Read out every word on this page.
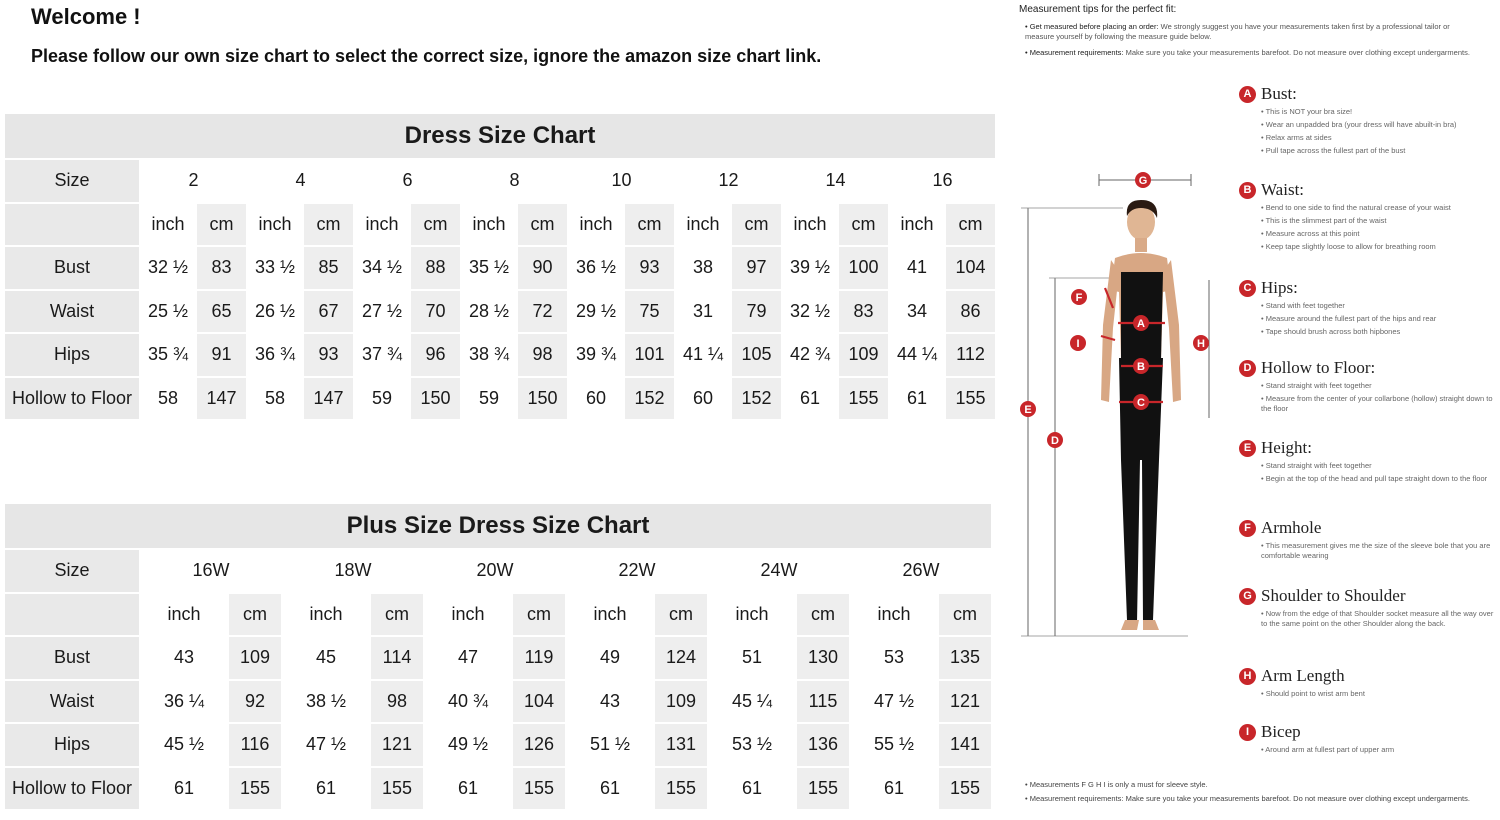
Welcome !
Please follow our own size chart to select the correct size, ignore the amazon size chart link.
Dress Size Chart																
Size	2		4		6		8		10		12		14		16	
	inch	cm	inch	cm	inch	cm	inch	cm	inch	cm	inch	cm	inch	cm	inch	cm
Bust	32 ½	83	33 ½	85	34 ½	88	35 ½	90	36 ½	93	38	97	39 ½	100	41	104
Waist	25 ½	65	26 ½	67	27 ½	70	28 ½	72	29 ½	75	31	79	32 ½	83	34	86
Hips	35 ¾	91	36 ¾	93	37 ¾	96	38 ¾	98	39 ¾	101	41 ¼	105	42 ¾	109	44 ¼	112
Hollow to Floor	58	147	58	147	59	150	59	150	60	152	60	152	61	155	61	155
Plus Size Dress Size Chart												
Size	16W		18W		20W		22W		24W		26W	
	inch	cm	inch	cm	inch	cm	inch	cm	inch	cm	inch	cm
Bust	43	109	45	114	47	119	49	124	51	130	53	135
Waist	36 ¼	92	38 ½	98	40 ¾	104	43	109	45 ¼	115	47 ½	121
Hips	45 ½	116	47 ½	121	49 ½	126	51 ½	131	53 ½	136	55 ½	141
Hollow to Floor	61	155	61	155	61	155	61	155	61	155	61	155
Measurement tips for the perfect fit:
• Get measured before placing an order: We strongly suggest you have your measurements taken first by a professional tailor or measure yourself by following the measure guide below.
• Measurement requirements: Make sure you take your measurements barefoot. Do not measure over clothing except undergarments.
G
F
A
I
B
H
C
E
D
A Bust:
• This is NOT your bra size!
• Wear an unpadded bra (your dress will have abuilt-in bra)
• Relax arms at sides
• Pull tape across the fullest part of the bust
B Waist:
• Bend to one side to find the natural crease of your waist
• This is the slimmest part of the waist
• Measure across at this point
• Keep tape slightly loose to allow for breathing room
C Hips:
• Stand with feet together
• Measure around the fullest part of the hips and rear
• Tape should brush across both hipbones
D Hollow to Floor:
• Stand straight with feet together
• Measure from the center of your collarbone (hollow) straight down to the floor
E Height:
• Stand straight with feet together
• Begin at the top of the head and pull tape straight down to the floor
F Armhole
• This measurement gives me the size of the sleeve bole that you are comfortable wearing
G Shoulder to Shoulder
• Now from the edge of that Shoulder socket measure all the way over to the same point on the other Shoulder along the back.
H Arm Length
• Should point to wrist arm bent
I Bicep
• Around arm at fullest part of upper arm
• Measurements F G H I is only a must for sleeve style.
• Measurement requirements: Make sure you take your measurements barefoot. Do not measure over clothing except undergarments.
